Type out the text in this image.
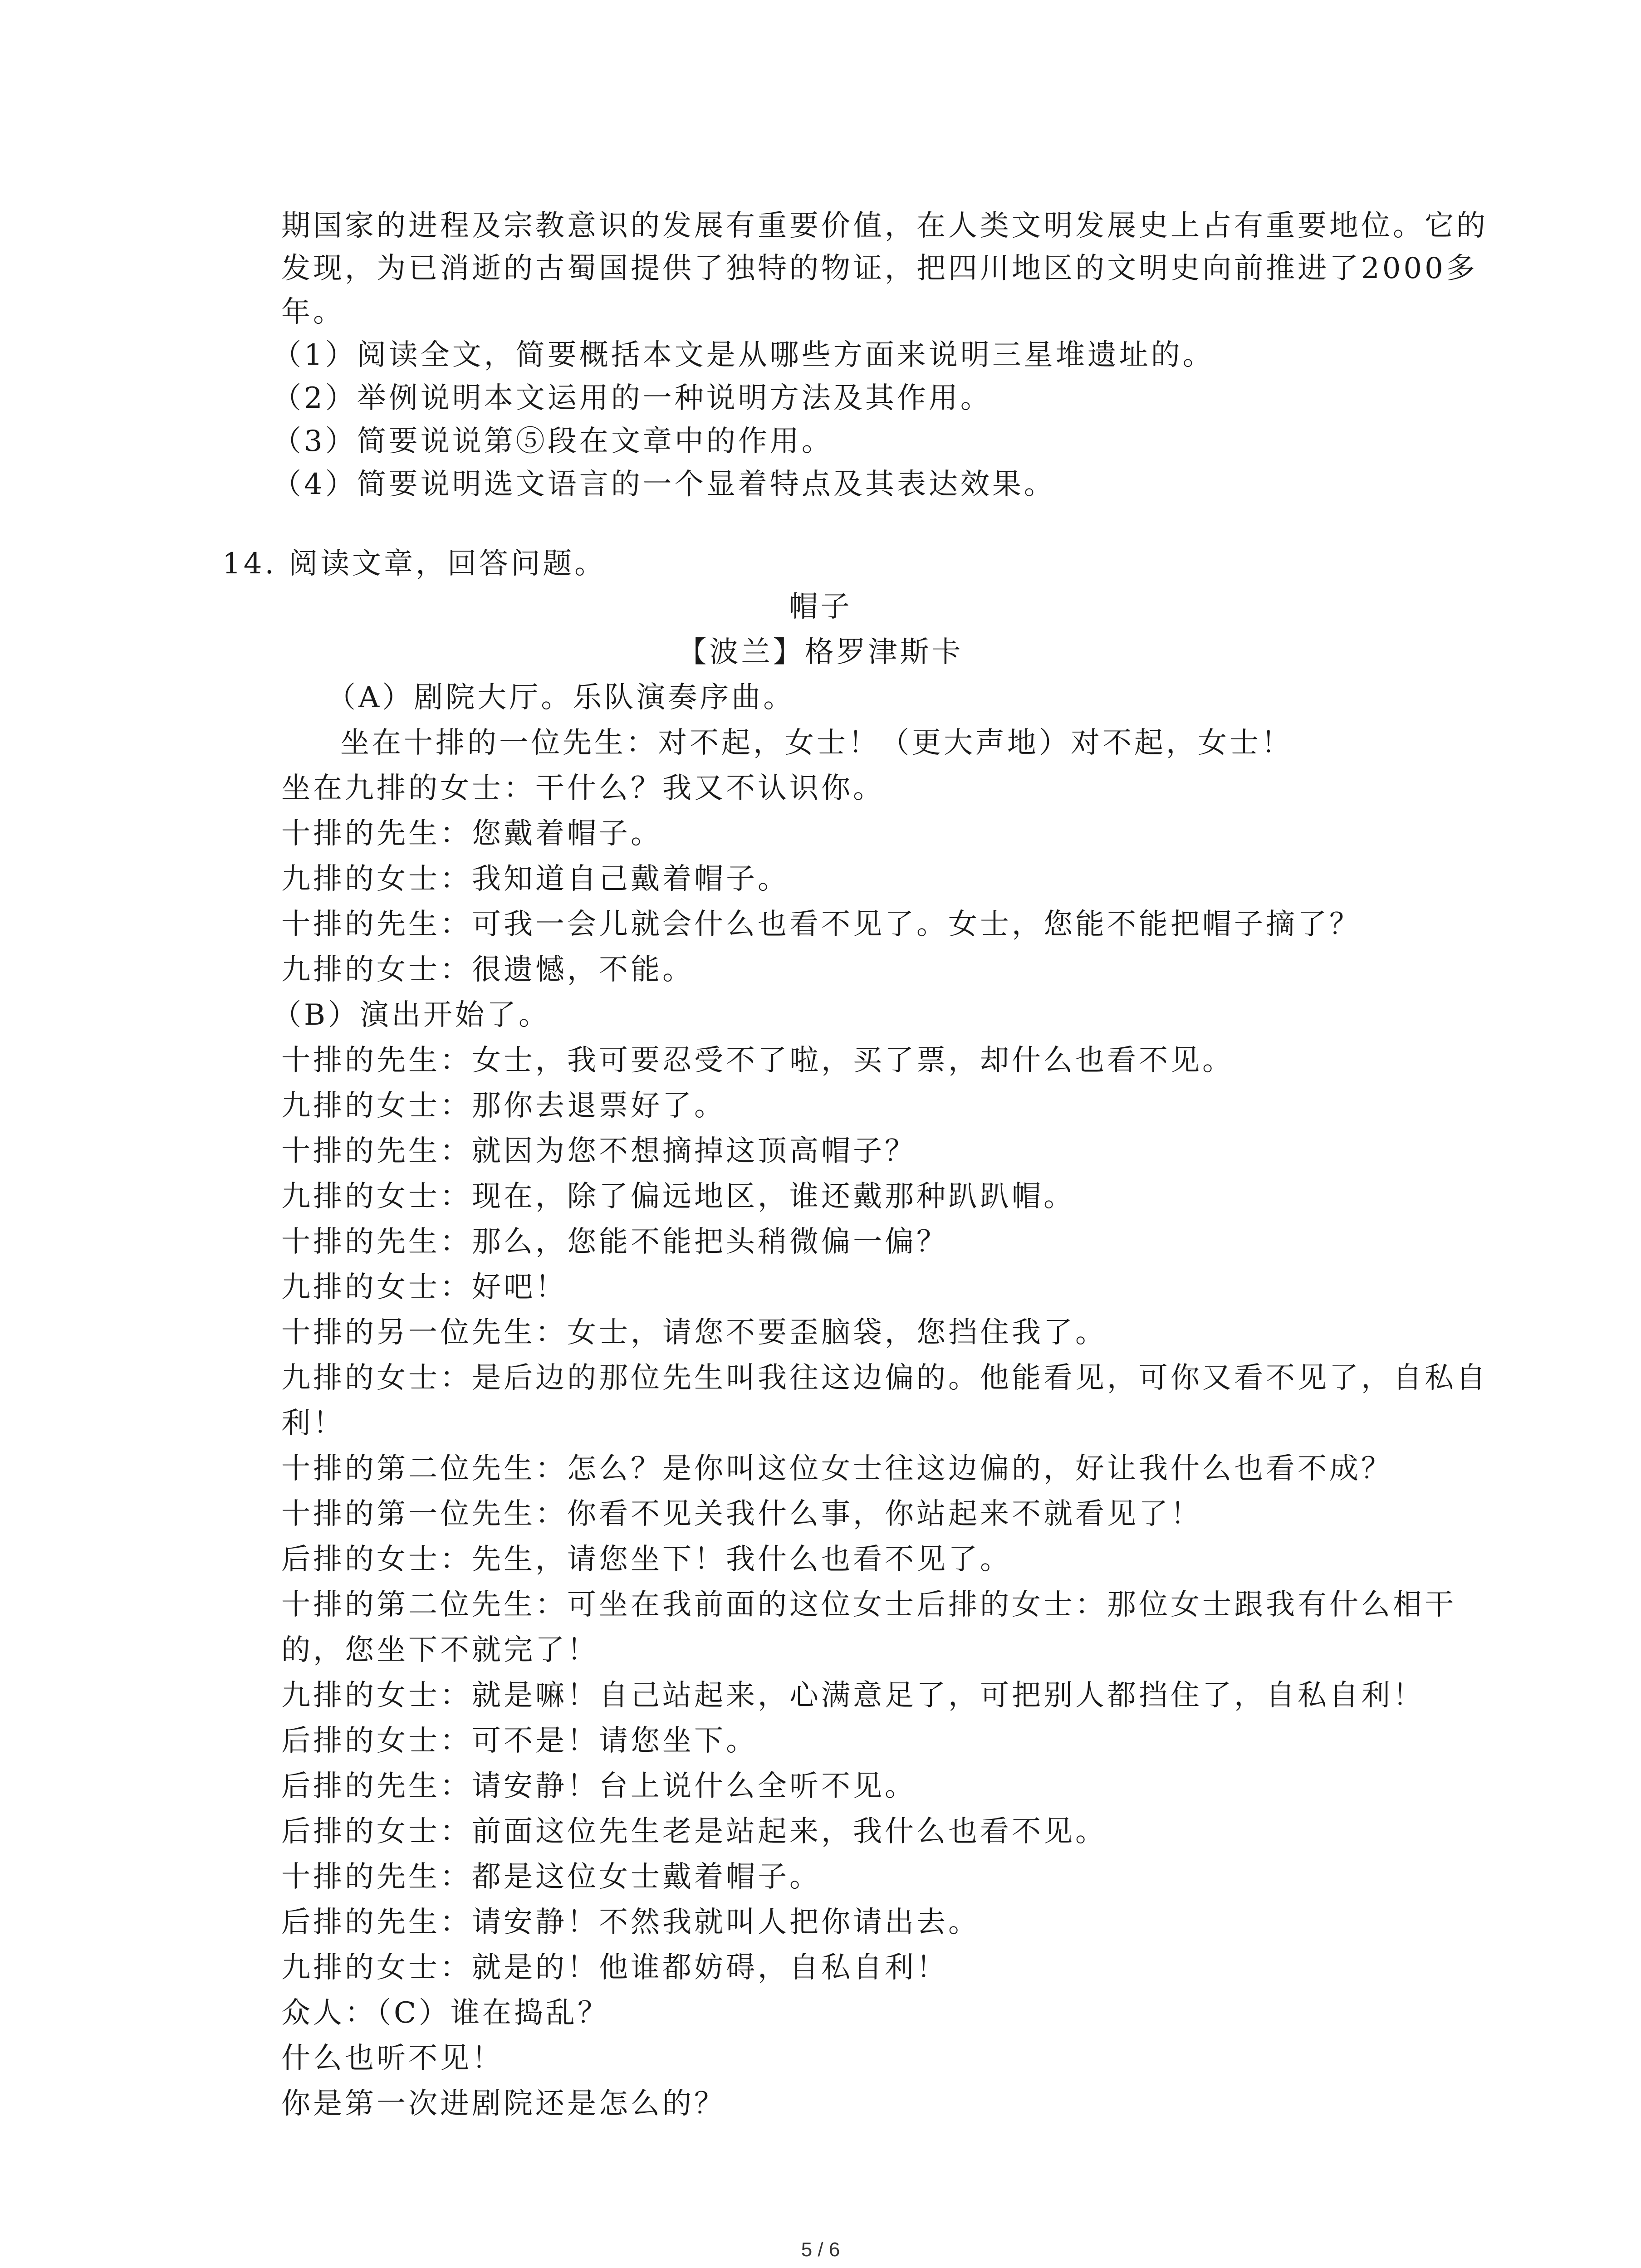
期国家的进程及宗教意识的发展有重要价值，在人类文明发展史上占有重要地位。它的
发现，为已消逝的古蜀国提供了独特的物证，把四川地区的文明史向前推进了2000多
年。
（1）阅读全文，简要概括本文是从哪些方面来说明三星堆遗址的。
（2）举例说明本文运用的一种说明方法及其作用。
（3）简要说说第⑤段在文章中的作用。
（4）简要说明选文语言的一个显着特点及其表达效果。
14. 阅读文章，回答问题。
帽子
【波兰】格罗津斯卡
（A）剧院大厅。乐队演奏序曲。
坐在十排的一位先生：对不起，女士！（更大声地）对不起，女士！
坐在九排的女士：干什么？我又不认识你。
十排的先生：您戴着帽子。
九排的女士：我知道自己戴着帽子。
十排的先生：可我一会儿就会什么也看不见了。女士，您能不能把帽子摘了？
九排的女士：很遗憾，不能。
（B）演出开始了。
十排的先生：女士，我可要忍受不了啦，买了票，却什么也看不见。
九排的女士：那你去退票好了。
十排的先生：就因为您不想摘掉这顶高帽子？
九排的女士：现在，除了偏远地区，谁还戴那种趴趴帽。
十排的先生：那么，您能不能把头稍微偏一偏？
九排的女士：好吧！
十排的另一位先生：女士，请您不要歪脑袋，您挡住我了。
九排的女士：是后边的那位先生叫我往这边偏的。他能看见，可你又看不见了，自私自
利！
十排的第二位先生：怎么？是你叫这位女士往这边偏的，好让我什么也看不成？
十排的第一位先生：你看不见关我什么事，你站起来不就看见了！
后排的女士：先生，请您坐下！我什么也看不见了。
十排的第二位先生：可坐在我前面的这位女士后排的女士：那位女士跟我有什么相干
的，您坐下不就完了！
九排的女士：就是嘛！自己站起来，心满意足了，可把别人都挡住了，自私自利！
后排的女士：可不是！请您坐下。
后排的先生：请安静！台上说什么全听不见。
后排的女士：前面这位先生老是站起来，我什么也看不见。
十排的先生：都是这位女士戴着帽子。
后排的先生：请安静！不然我就叫人把你请出去。
九排的女士：就是的！他谁都妨碍，自私自利！
众人：（C）谁在捣乱？
什么也听不见！
你是第一次进剧院还是怎么的？
5 / 6
